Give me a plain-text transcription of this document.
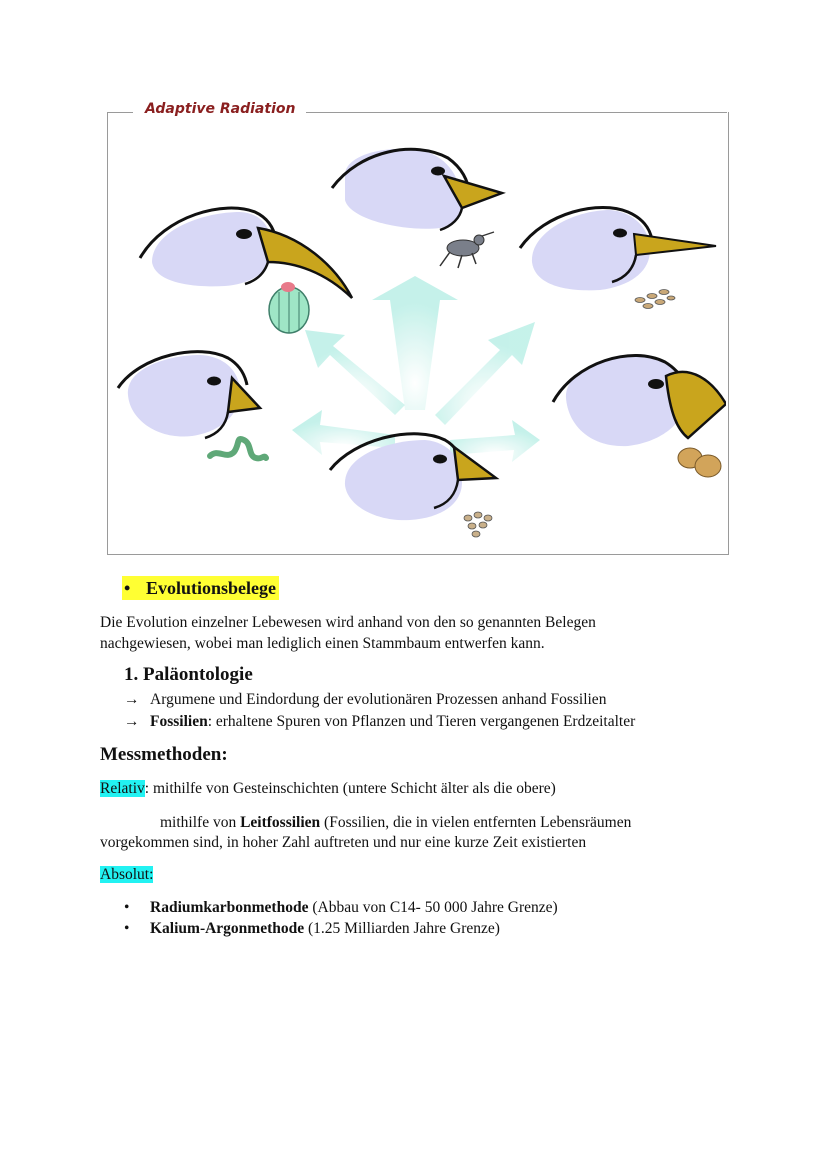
Adaptive Radiation
• Evolutionsbelege
Die Evolution einzelner Lebewesen wird anhand von den so genannten Belegen
nachgewiesen, wobei man lediglich einen Stammbaum entwerfen kann.
1. Paläontologie
→ Argumene und Eindordung der evolutionären Prozessen anhand Fossilien
→ Fossilien: erhaltene Spuren von Pflanzen und Tieren vergangenen Erdzeitalter
Messmethoden:
Relativ: mithilfe von Gesteinschichten (untere Schicht älter als die obere)
mithilfe von Leitfossilien (Fossilien, die in vielen entfernten Lebensräumen
vorgekommen sind, in hoher Zahl auftreten und nur eine kurze Zeit existierten
Absolut:
• Radiumkarbonmethode (Abbau von C14- 50 000 Jahre Grenze)
• Kalium-Argonmethode (1.25 Milliarden Jahre Grenze)
